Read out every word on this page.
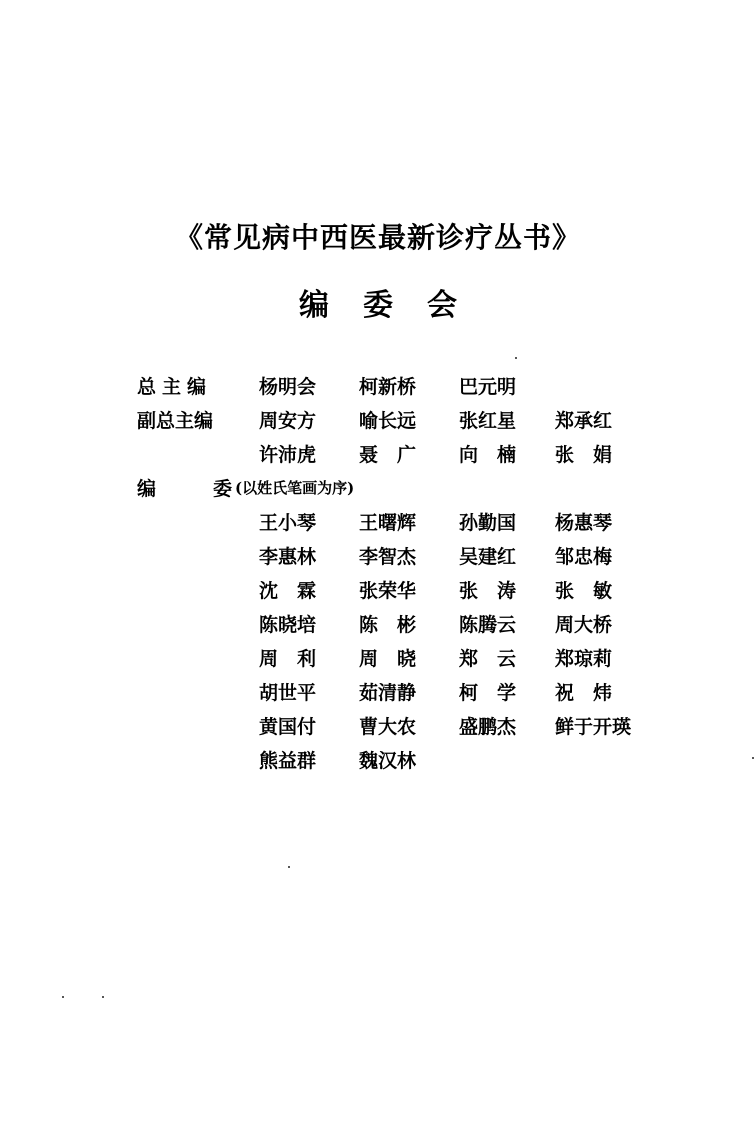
《常见病中西医最新诊疗丛书》
编委会
总主编 杨明会 柯新桥 巴元明
副总主编 周安方 喻长远 张红星 郑承红
许沛虎 聂　广 向　楠 张　娟
编	委 (以姓氏笔画为序)
王小琴 王曙辉 孙勤国 杨惠琴
李惠林 李智杰 吴建红 邹忠梅
沈　霖 张荣华 张　涛 张　敏
陈晓培 陈　彬 陈腾云 周大桥
周　利 周　晓 郑　云 郑琼莉
胡世平 茹清静 柯　学 祝　炜
黄国付 曹大农 盛鹏杰 鲜于开瑛
熊益群 魏汉林
